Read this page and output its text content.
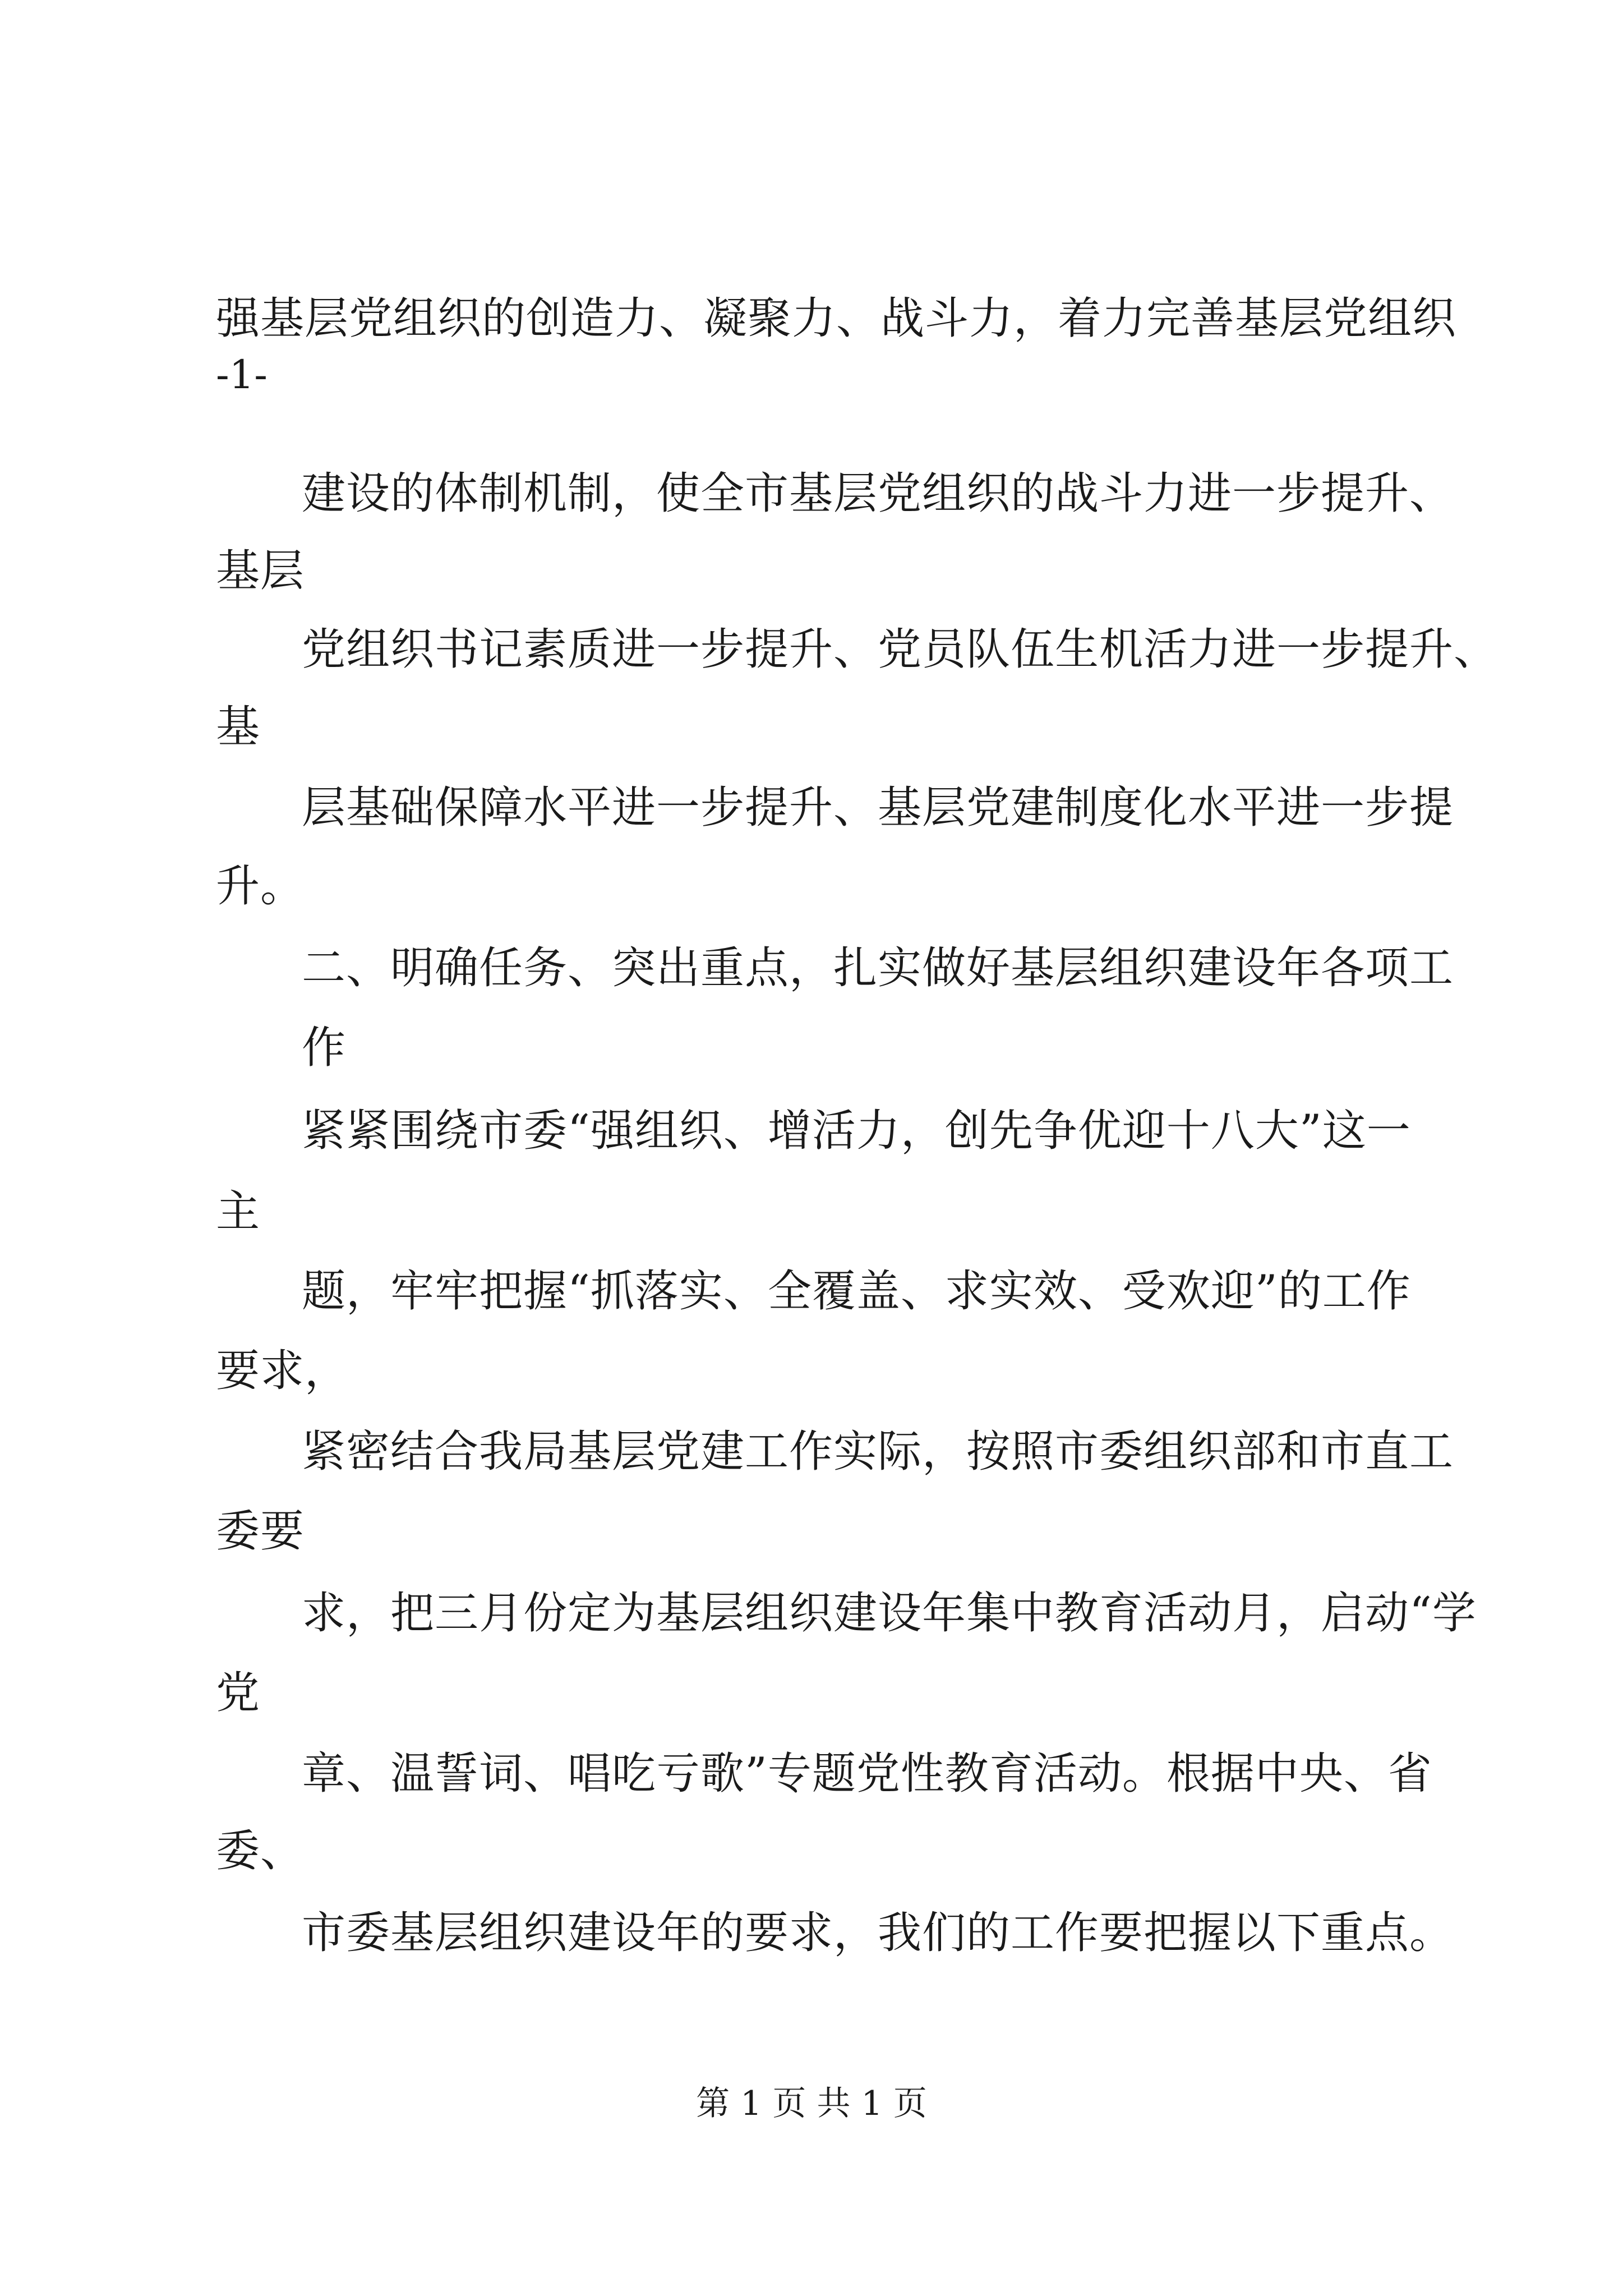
强基层党组织的创造力、凝聚力、战斗力，着力完善基层党组织
-1-
建设的体制机制，使全市基层党组织的战斗力进一步提升、
基层
党组织书记素质进一步提升、党员队伍生机活力进一步提升、
基
层基础保障水平进一步提升、基层党建制度化水平进一步提
升。
二、明确任务、突出重点，扎实做好基层组织建设年各项工
作
紧紧围绕市委“强组织、增活力，创先争优迎十八大”这一
主
题，牢牢把握“抓落实、全覆盖、求实效、受欢迎”的工作
要求，
紧密结合我局基层党建工作实际，按照市委组织部和市直工
委要
求，把三月份定为基层组织建设年集中教育活动月，启动“学
党
章、温誓词、唱吃亏歌”专题党性教育活动。根据中央、省
委、
市委基层组织建设年的要求，我们的工作要把握以下重点。
第 1 页 共 1 页
